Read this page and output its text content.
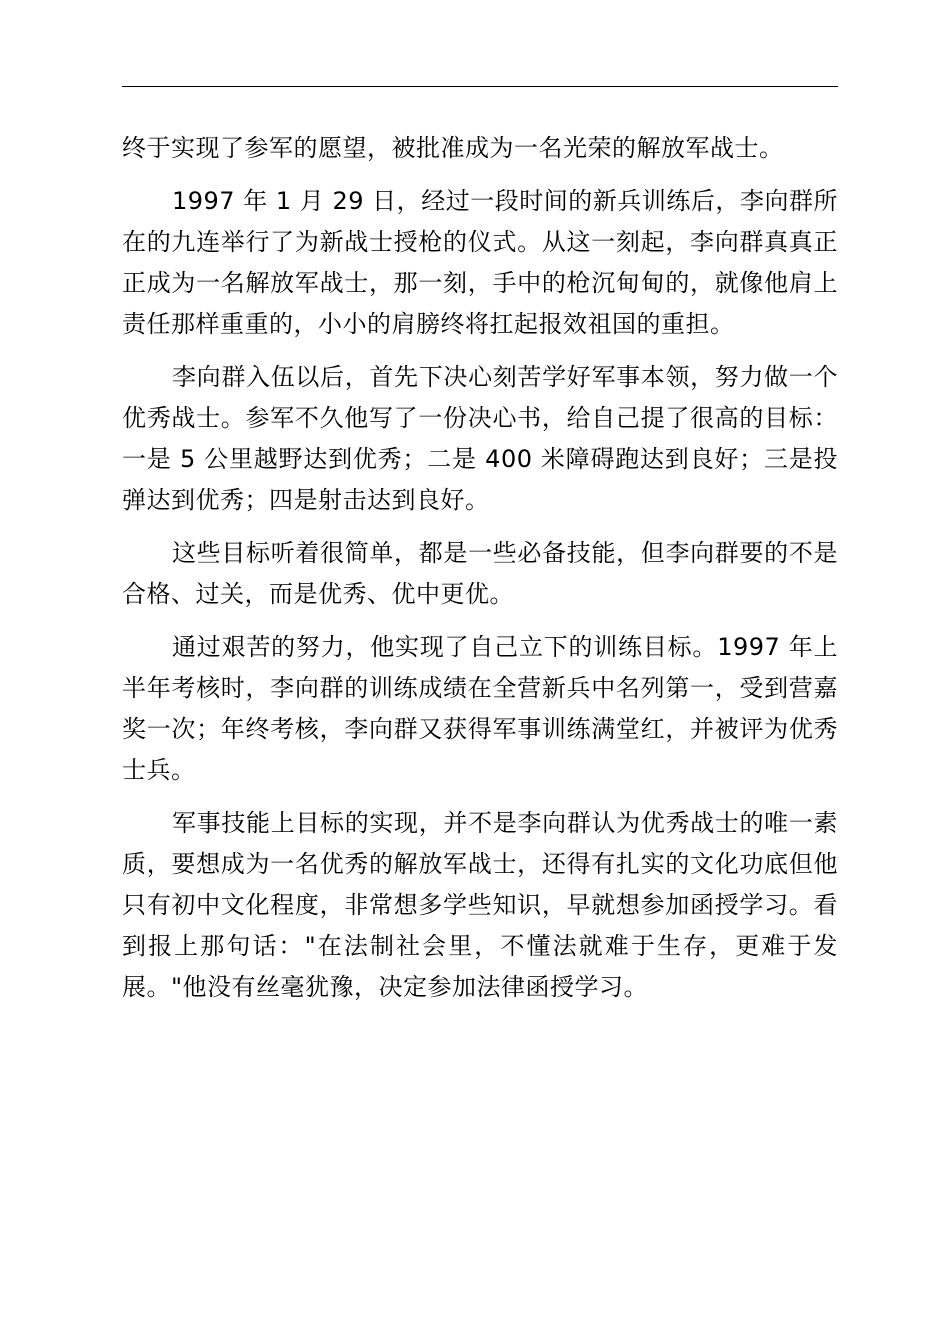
终于实现了参军的愿望，被批准成为一名光荣的解放军战士。

1997 年 1 月 29 日，经过一段时间的新兵训练后，李向群所在的九连举行了为新战士授枪的仪式。从这一刻起，李向群真真正正成为一名解放军战士，那一刻，手中的枪沉甸甸的，就像他肩上责任那样重重的，小小的肩膀终将扛起报效祖国的重担。

李向群入伍以后，首先下决心刻苦学好军事本领，努力做一个优秀战士。参军不久他写了一份决心书，给自己提了很高的目标：一是 5 公里越野达到优秀；二是 400 米障碍跑达到良好；三是投弹达到优秀；四是射击达到良好。

这些目标听着很简单，都是一些必备技能，但李向群要的不是合格、过关，而是优秀、优中更优。

通过艰苦的努力，他实现了自己立下的训练目标。1997 年上半年考核时，李向群的训练成绩在全营新兵中名列第一，受到营嘉奖一次；年终考核，李向群又获得军事训练满堂红，并被评为优秀士兵。

军事技能上目标的实现，并不是李向群认为优秀战士的唯一素质，要想成为一名优秀的解放军战士，还得有扎实的文化功底但他只有初中文化程度，非常想多学些知识，早就想参加函授学习。看到报上那句话："在法制社会里，不懂法就难于生存，更难于发展。"他没有丝毫犹豫，决定参加法律函授学习。
